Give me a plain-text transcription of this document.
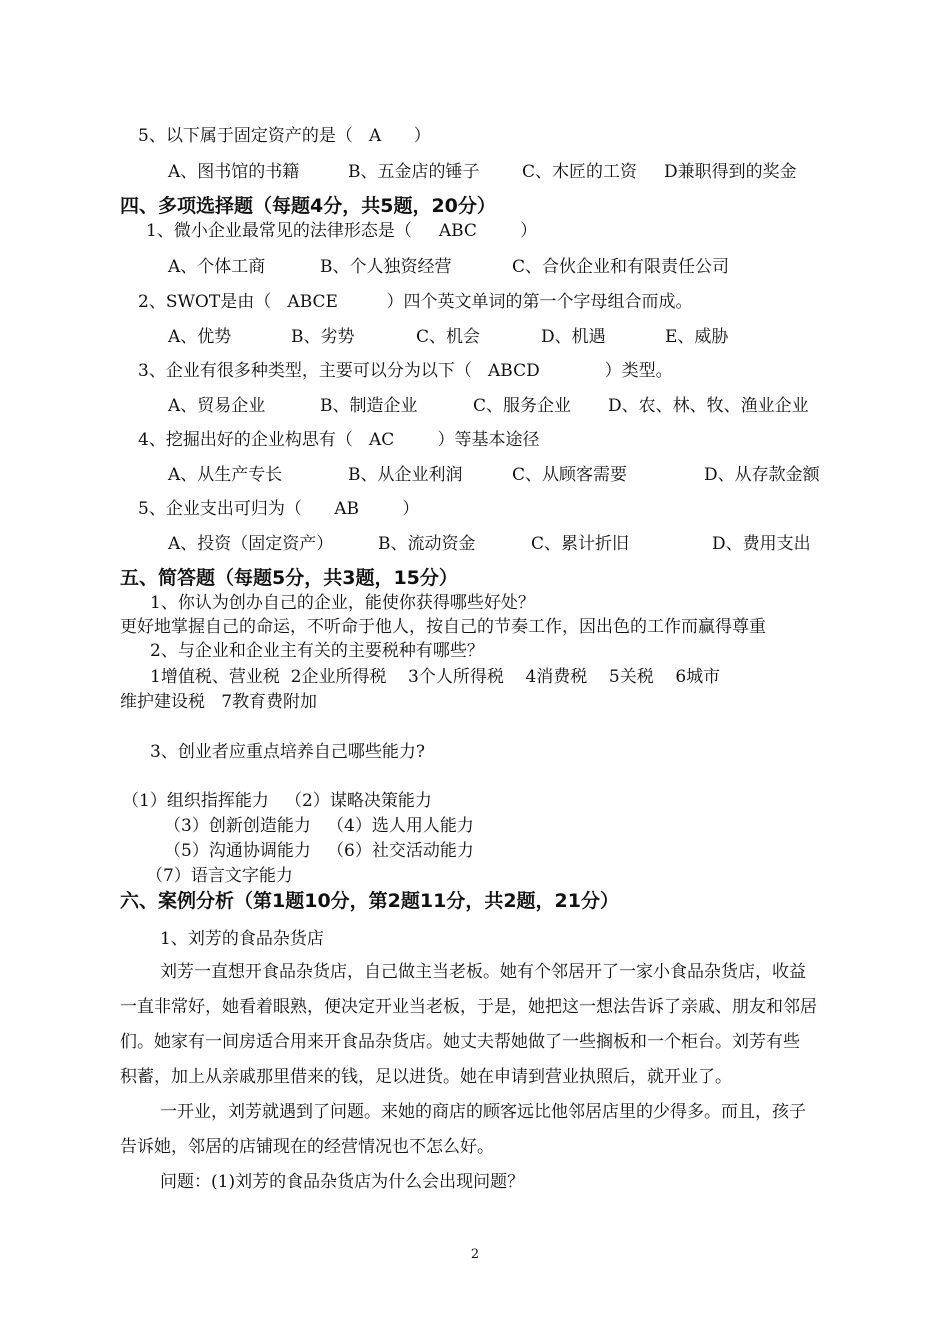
5、以下属于固定资产的是（   A      ）
A、图书馆的书籍	B、五金店的锤子	C、木匠的工资 D兼职得到的奖金
四、多项选择题（每题4分，共5题，20分）
1、微小企业最常见的法律形态是（     ABC        ）
A、个体工商	B、个人独资经营	C、合伙企业和有限责任公司
2、SWOT是由（   ABCE         ）四个英文单词的第一个字母组合而成。
A、优势	B、劣势	C、机会	D、机遇	E、威胁
3、企业有很多种类型，主要可以分为以下（   ABCD            ）类型。
A、贸易企业	B、制造企业	C、服务企业 D、农、林、牧、渔业企业
4、挖掘出好的企业构思有（   AC        ）等基本途径
A、从生产专长	B、从企业利润	C、从顾客需要	D、从存款金额
5、企业支出可归为（      AB        ）
A、投资（固定资产）	B、流动资金	C、累计折旧	D、费用支出
五、简答题（每题5分，共3题，15分）
1、你认为创办自己的企业，能使你获得哪些好处？
更好地掌握自己的命运，不听命于他人，按自己的节奏工作，因出色的工作而赢得尊重
2、与企业和企业主有关的主要税种有哪些？
1增值税、营业税  2企业所得税    3个人所得税    4消费税    5关税    6城市
维护建设税   7教育费附加
3、创业者应重点培养自己哪些能力?
（1）组织指挥能力   （2）谋略决策能力
（3）创新创造能力   （4）选人用人能力
（5）沟通协调能力   （6）社交活动能力
（7）语言文字能力
六、案例分析（第1题10分，第2题11分，共2题，21分）
1、刘芳的食品杂货店
刘芳一直想开食品杂货店，自己做主当老板。她有个邻居开了一家小食品杂货店，收益
一直非常好，她看着眼熟，便决定开业当老板，于是，她把这一想法告诉了亲戚、朋友和邻居
们。她家有一间房适合用来开食品杂货店。她丈夫帮她做了一些搁板和一个柜台。刘芳有些
积蓄，加上从亲戚那里借来的钱，足以进货。她在申请到营业执照后，就开业了。
一开业，刘芳就遇到了问题。来她的商店的顾客远比他邻居店里的少得多。而且，孩子
告诉她，邻居的店铺现在的经营情况也不怎么好。
问题：(1)刘芳的食品杂货店为什么会出现问题？
2
